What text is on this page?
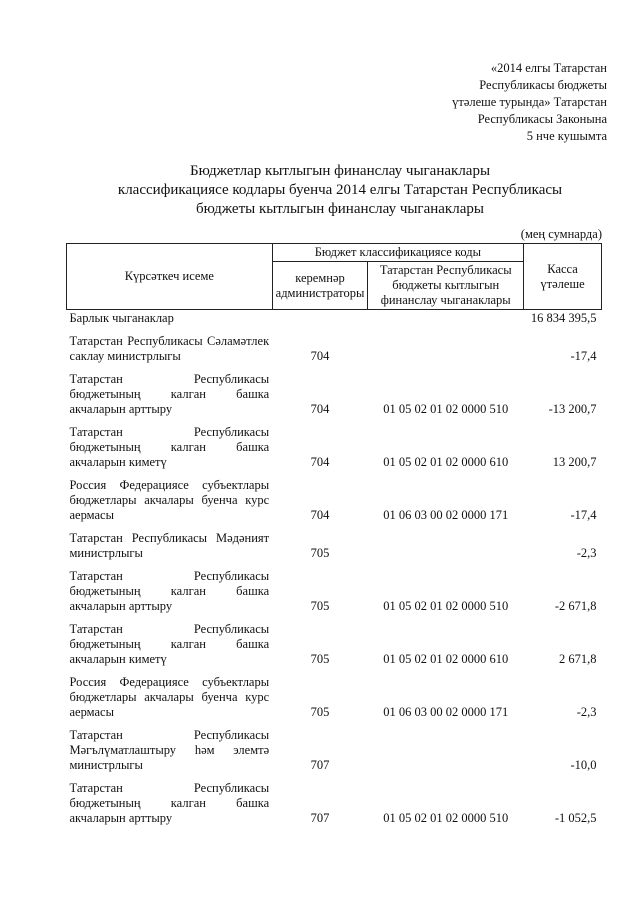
«2014 елгы Татарстан
Республикасы бюджеты
үтәлеше турында» Татарстан
Республикасы Законына
5 нче кушымта
Бюджетлар кытлыгын финанслау чыганаклары
классификациясе кодлары буенча 2014 елгы Татарстан Республикасы
бюджеты кытлыгын финанслау чыганаклары
(мең сумнарда)
Күрсәткеч исеме	Бюджет классификациясе коды		Касса үтәлеше
	керемнәр администраторы	Татарстан Республикасы бюджеты кытлыгын финанслау чыганаклары	
Барлык чыганаклар			16 834 395,5
Татарстан Республикасы Сәламәтлек саклау министрлыгы	704		-17,4
Татарстан Республикасы бюджетының калган башка акчаларын арттыру	704	01 05 02 01 02 0000 510	-13 200,7
Татарстан Республикасы бюджетының калган башка акчаларын киметү	704	01 05 02 01 02 0000 610	13 200,7
Россия Федерациясе субъектлары бюджетлары акчалары буенча курс аермасы	704	01 06 03 00 02 0000 171	-17,4
Татарстан Республикасы Мәдәният министрлыгы	705		-2,3
Татарстан Республикасы бюджетының калган башка акчаларын арттыру	705	01 05 02 01 02 0000 510	-2 671,8
Татарстан Республикасы бюджетының калган башка акчаларын киметү	705	01 05 02 01 02 0000 610	2 671,8
Россия Федерациясе субъектлары бюджетлары акчалары буенча курс аермасы	705	01 06 03 00 02 0000 171	-2,3
Татарстан Республикасы Мәгълүматлаштыру һәм элемтә министрлыгы	707		-10,0
Татарстан Республикасы бюджетының калган башка акчаларын арттыру	707	01 05 02 01 02 0000 510	-1 052,5
